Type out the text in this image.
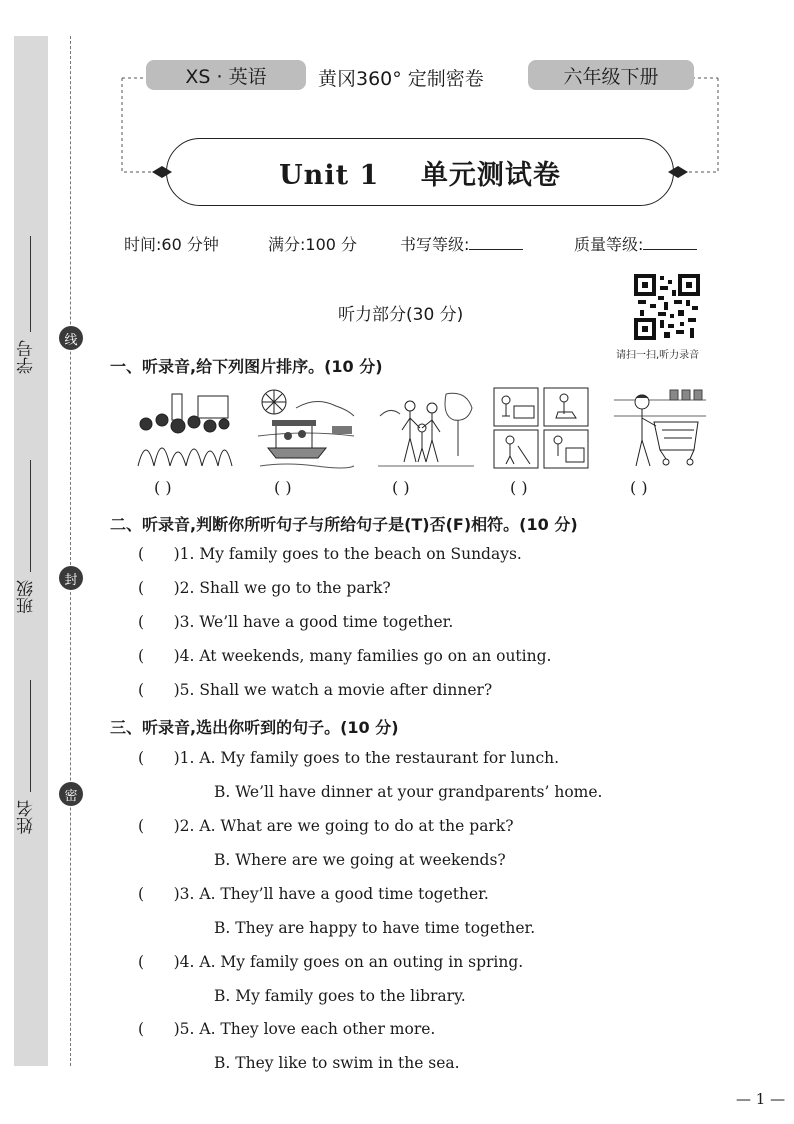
学号
班级
姓名
线
封
密
XS · 英语	黄冈360° 定制密卷	六年级下册
Unit 1    单元测试卷
时间:60 分钟	满分:100 分	书写等级:	质量等级:
听力部分(30 分)
请扫一扫,听力录音
一、听录音,给下列图片排序。(10 分)
( )	( )	( )	( )	( )
二、听录音,判断你所听句子与所给句子是(T)否(F)相符。(10 分)
(      )1. My family goes to the beach on Sundays.
(      )2. Shall we go to the park?
(      )3. We’ll have a good time together.
(      )4. At weekends, many families go on an outing.
(      )5. Shall we watch a movie after dinner?
三、听录音,选出你听到的句子。(10 分)
(      )1. A. My family goes to the restaurant for lunch.
B. We’ll have dinner at your grandparents’ home.
(      )2. A. What are we going to do at the park?
B. Where are we going at weekends?
(      )3. A. They’ll have a good time together.
B. They are happy to have time together.
(      )4. A. My family goes on an outing in spring.
B. My family goes to the library.
(      )5. A. They love each other more.
B. They like to swim in the sea.
— 1 —
